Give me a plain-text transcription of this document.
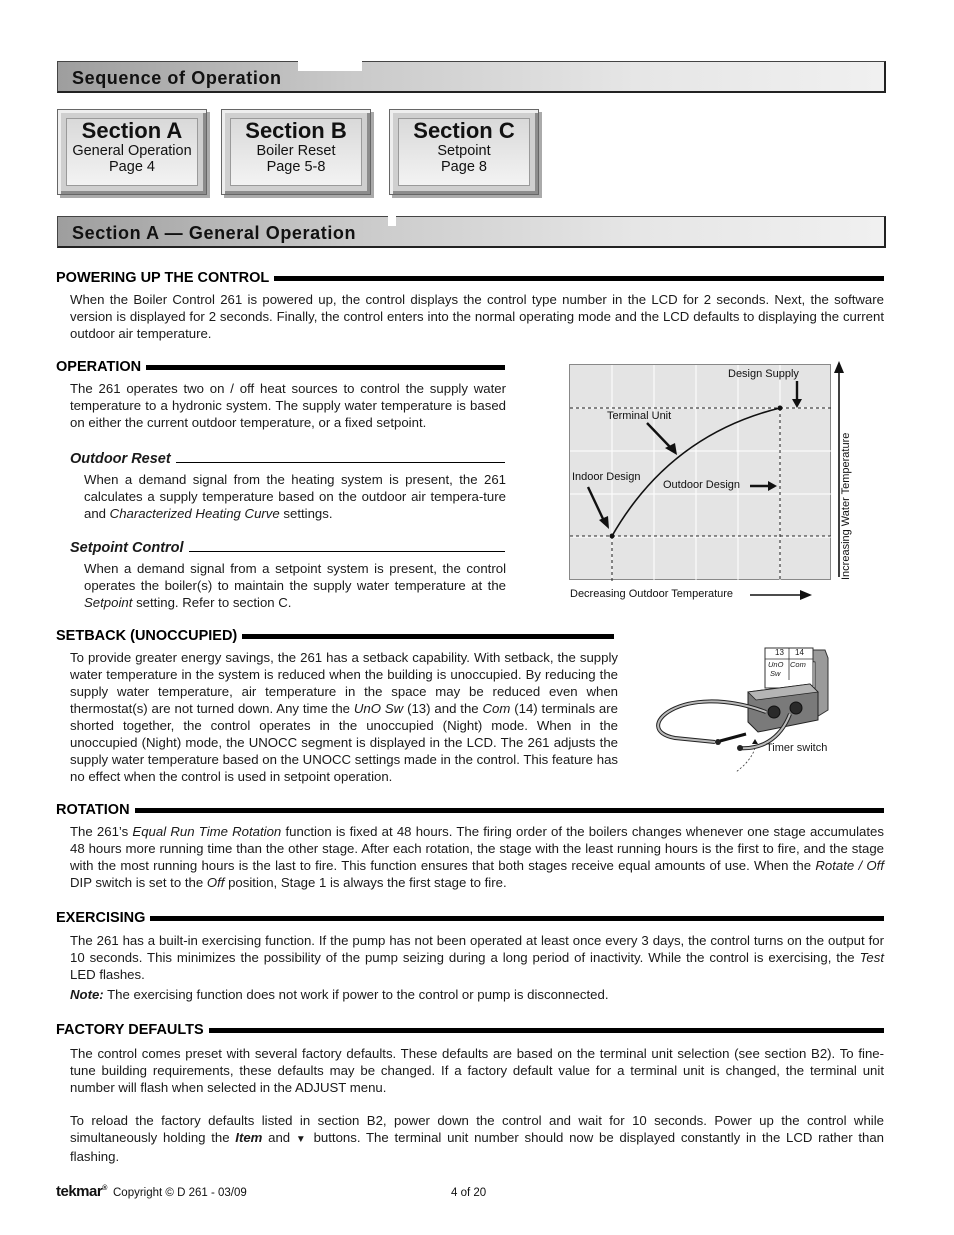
Sequence of Operation
Section A
General Operation
Page 4
Section B
Boiler Reset
Page 5-8
Section C
Setpoint
Page 8
Section A — General Operation
POWERING UP THE CONTROL
When the Boiler Control 261 is powered up, the control displays the control type number in the LCD for 2 seconds. Next, the software version is displayed for 2 seconds. Finally, the control enters into the normal operating mode and the LCD defaults to displaying the current outdoor air temperature.
OPERATION
The 261 operates two on / off heat sources to control the supply water temperature to a hydronic system. The supply water temperature is based on either the current outdoor temperature, or a fixed setpoint.
Outdoor Reset
When a demand signal from the heating system is present, the 261 calculates a supply temperature based on the outdoor air tempera-ture and Characterized Heating Curve settings.
Setpoint Control
When a demand signal from a setpoint system is present, the control operates the boiler(s) to maintain the supply water temperature at the Setpoint setting. Refer to section C.
Design Supply
Terminal Unit
Indoor Design
Outdoor Design
Decreasing Outdoor Temperature
Increasing Water Temperature
SETBACK (UNOCCUPIED)
To provide greater energy savings, the 261 has a setback capability. With setback, the supply water temperature in the system is reduced when the building is unoccupied. By reducing the supply water temperature, air temperature in the space may be reduced even when thermostat(s) are not turned down. Any time the UnO Sw (13) and the Com (14) terminals are shorted together, the control operates in the unoccupied (Night) mode. When in the unoccupied (Night) mode, the UNOCC segment is displayed in the LCD. The 261 adjusts the supply water temperature based on the UNOCC settings made in the control. This feature has no effect when the control is used in setpoint operation.
13 14
UnO
Sw
Com
Timer switch
ROTATION
The 261’s Equal Run Time Rotation function is fixed at 48 hours. The firing order of the boilers changes whenever one stage accumulates 48 hours more running time than the other stage. After each rotation, the stage with the least running hours is the first to fire, and the stage with the most running hours is the last to fire. This function ensures that both stages receive equal amounts of use. When the Rotate / Off DIP switch is set to the Off position, Stage 1 is always the first stage to fire.
EXERCISING
The 261 has a built-in exercising function. If the pump has not been operated at least once every 3 days, the control turns on the output for 10 seconds. This minimizes the possibility of the pump seizing during a long period of inactivity. While the control is exercising, the Test LED flashes.
Note: The exercising function does not work if power to the control or pump is disconnected.
FACTORY DEFAULTS
The control comes preset with several factory defaults. These defaults are based on the terminal unit selection (see section B2). To fine-tune building requirements, these defaults may be changed. If a factory default value for a terminal unit is changed, the terminal unit number will flash when selected in the ADJUST menu.
To reload the factory defaults listed in section B2, power down the control and wait for 10 seconds. Power up the control while simultaneously holding the Item and ▼ buttons. The terminal unit number should now be displayed constantly in the LCD rather than flashing.
tekmar® Copyright © D 261 - 03/09	4 of 20
